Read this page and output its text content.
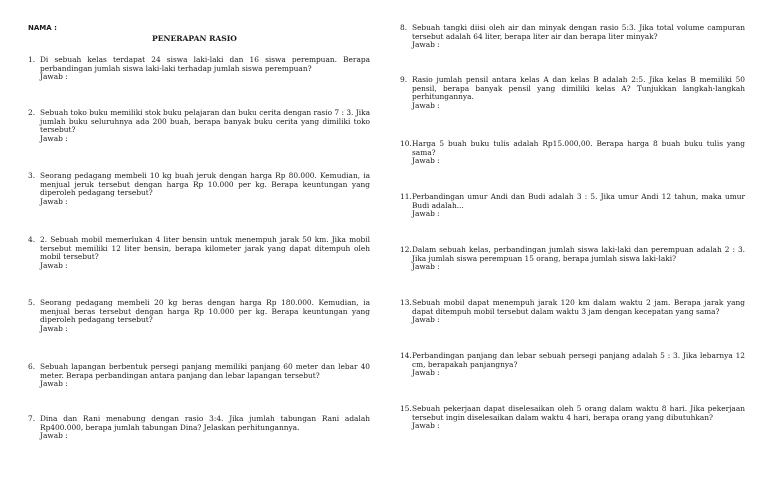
NAMA :
PENERAPAN RASIO
1. Di sebuah kelas terdapat 24 siswa laki-laki dan 16 siswa perempuan. Berapa perbandingan jumlah siswa laki-laki terhadap jumlah siswa perempuan?
Jawab :
2. Sebuah toko buku memiliki stok buku pelajaran dan buku cerita dengan rasio 7 : 3. Jika jumlah buku seluruhnya ada 200 buah, berapa banyak buku cerita yang dimiliki toko tersebut?
Jawab :
3. Seorang pedagang membeli 10 kg buah jeruk dengan harga Rp 80.000. Kemudian, ia menjual jeruk tersebut dengan harga Rp 10.000 per kg. Berapa keuntungan yang diperoleh pedagang tersebut?
Jawab :
4. 2. Sebuah mobil memerlukan 4 liter bensin untuk menempuh jarak 50 km. Jika mobil tersebut memiliki 12 liter bensin, berapa kilometer jarak yang dapat ditempuh oleh mobil tersebut?
Jawab :
5. Seorang pedagang membeli 20 kg beras dengan harga Rp 180.000. Kemudian, ia menjual beras tersebut dengan harga Rp 10.000 per kg. Berapa keuntungan yang diperoleh pedagang tersebut?
Jawab :
6. Sebuah lapangan berbentuk persegi panjang memiliki panjang 60 meter dan lebar 40 meter. Berapa perbandingan antara panjang dan lebar lapangan tersebut?
Jawab :
7. Dina dan Rani menabung dengan rasio 3:4. Jika jumlah tabungan Rani adalah Rp400.000, berapa jumlah tabungan Dina? Jelaskan perhitungannya.
Jawab :
8. Sebuah tangki diisi oleh air dan minyak dengan rasio 5:3. Jika total volume campuran tersebut adalah 64 liter, berapa liter air dan berapa liter minyak?
Jawab :
9. Rasio jumlah pensil antara kelas A dan kelas B adalah 2:5. Jika kelas B memiliki 50 pensil, berapa banyak pensil yang dimiliki kelas A? Tunjukkan langkah-langkah perhitungannya.
Jawab :
10. Harga 5 buah buku tulis adalah Rp15.000,00. Berapa harga 8 buah buku tulis yang sama?
Jawab :
11. Perbandingan umur Andi dan Budi adalah 3 : 5. Jika umur Andi 12 tahun, maka umur Budi adalah...
Jawab :
12. Dalam sebuah kelas, perbandingan jumlah siswa laki-laki dan perempuan adalah 2 : 3. Jika jumlah siswa perempuan 15 orang, berapa jumlah siswa laki-laki?
Jawab :
13. Sebuah mobil dapat menempuh jarak 120 km dalam waktu 2 jam. Berapa jarak yang dapat ditempuh mobil tersebut dalam waktu 3 jam dengan kecepatan yang sama?
Jawab :
14. Perbandingan panjang dan lebar sebuah persegi panjang adalah 5 : 3. Jika lebarnya 12 cm, berapakah panjangnya?
Jawab :
15. Sebuah pekerjaan dapat diselesaikan oleh 5 orang dalam waktu 8 hari. Jika pekerjaan tersebut ingin diselesaikan dalam waktu 4 hari, berapa orang yang dibutuhkan?
Jawab :
